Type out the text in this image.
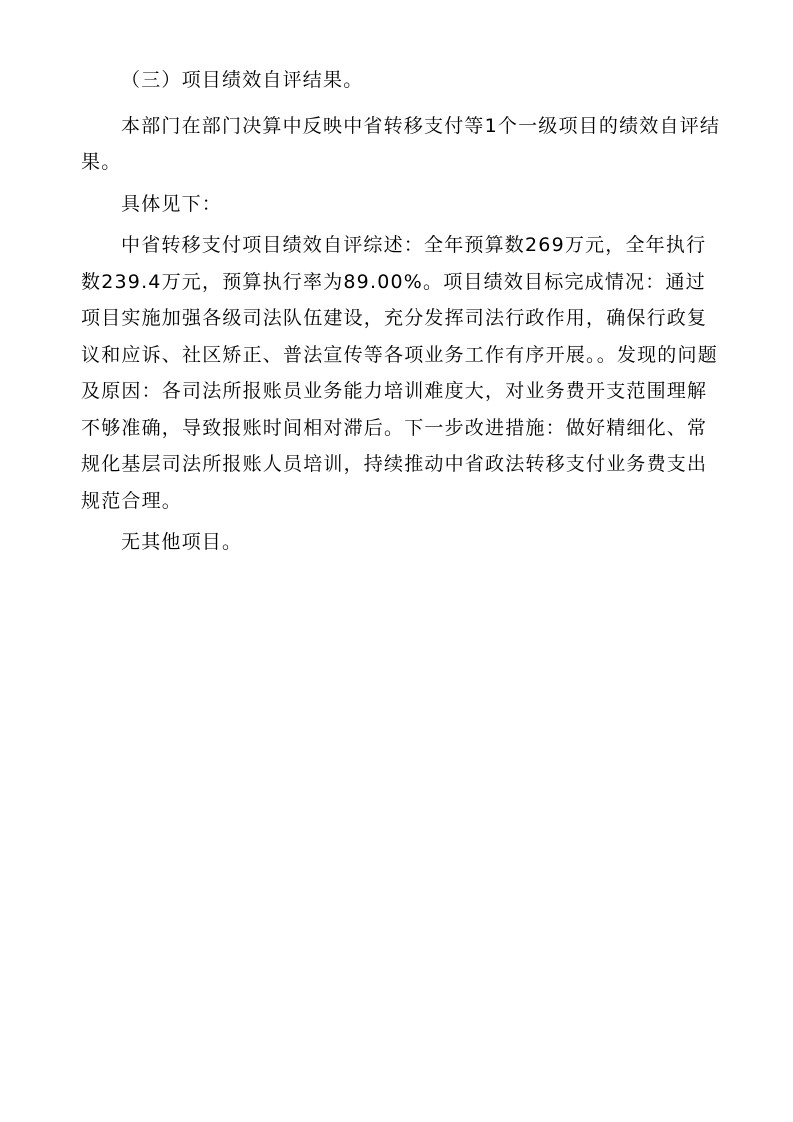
（三）项目绩效自评结果。

本部门在部门决算中反映中省转移支付等1个一级项目的绩效自评结果。

具体见下：

中省转移支付项目绩效自评综述：全年预算数269万元，全年执行数239.4万元，预算执行率为89.00%。项目绩效目标完成情况：通过项目实施加强各级司法队伍建设，充分发挥司法行政作用，确保行政复议和应诉、社区矫正、普法宣传等各项业务工作有序开展。。发现的问题及原因：各司法所报账员业务能力培训难度大，对业务费开支范围理解不够准确，导致报账时间相对滞后。下一步改进措施：做好精细化、常规化基层司法所报账人员培训，持续推动中省政法转移支付业务费支出规范合理。

无其他项目。
